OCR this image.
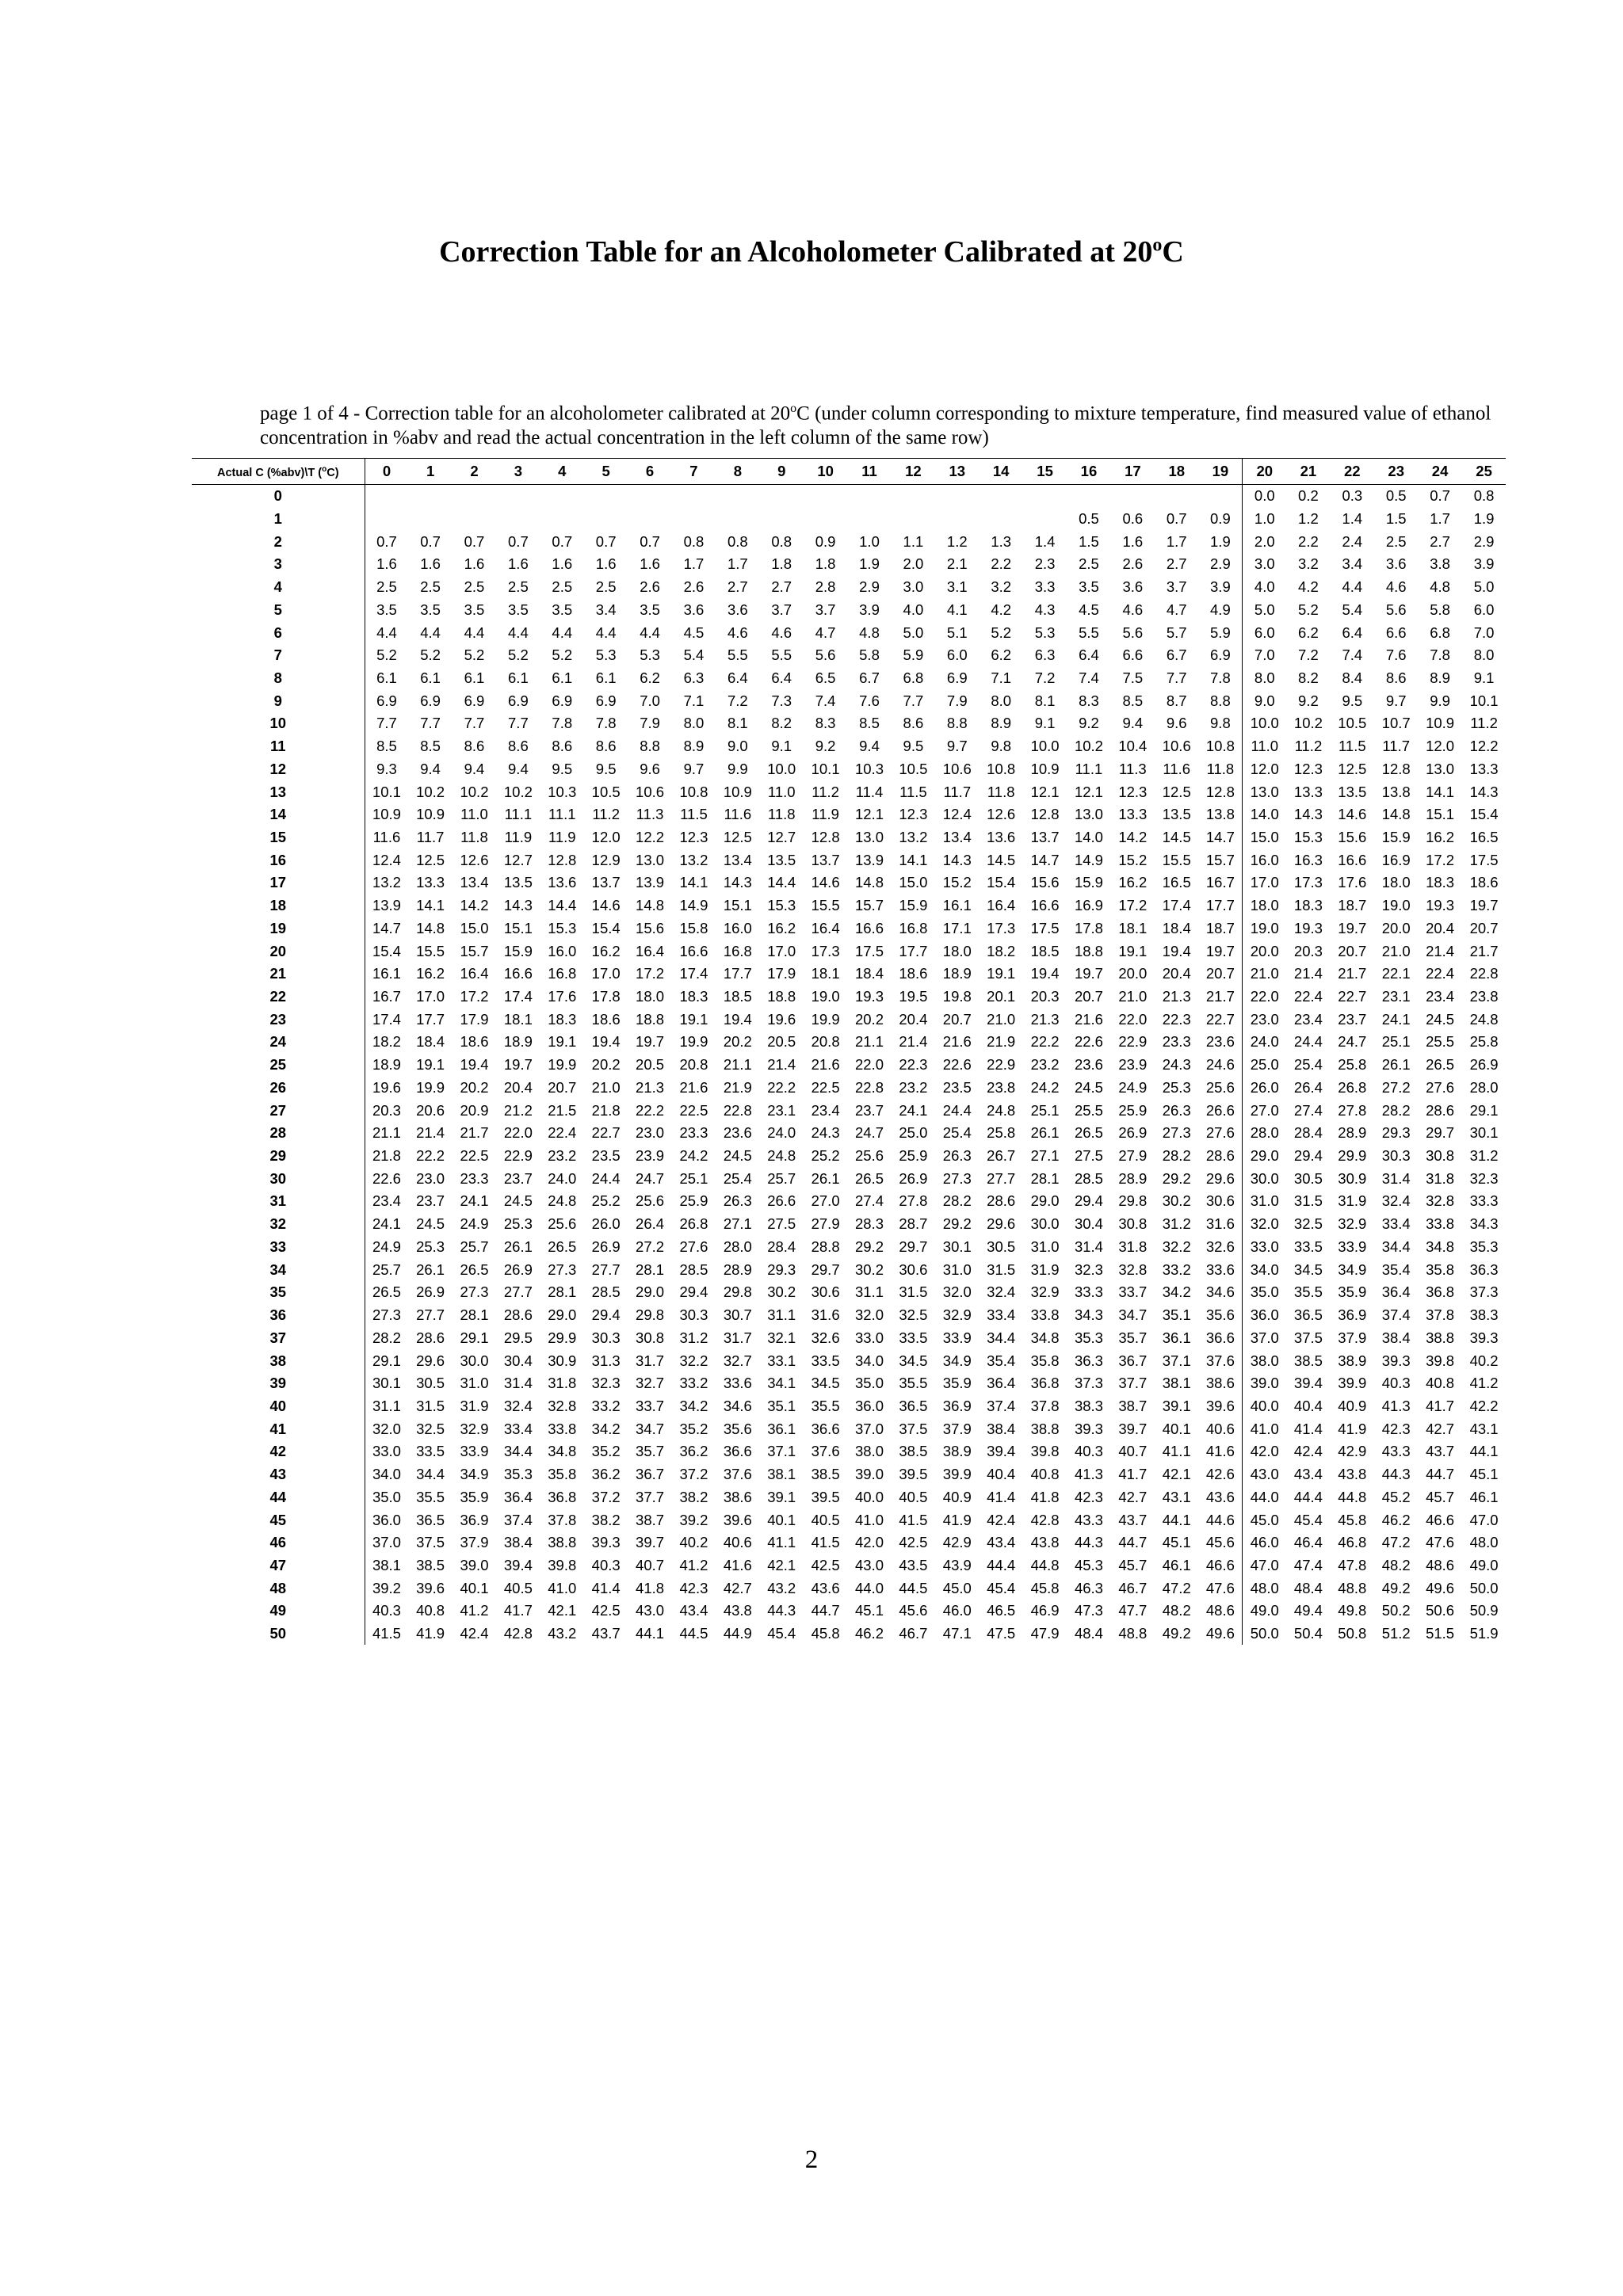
Correction Table for an Alcoholometer Calibrated at 20$^o$C

page 1 of 4 - Correction table for an alcoholometer calibrated at 20$^o$C (under column corresponding to mixture temperature, find measured value of ethanol concentration in %abv and read the actual concentration in the left column of the same row)

Actual C (%abv)\T ($^o$C)	0	1	2	3	4	5	6	7	8	9	10	11	12	13	14	15	16	17	18	19	20	21	22	23	24	25
0																					0.0	0.2	0.3	0.5	0.7	0.8
1																	0.5	0.6	0.7	0.9	1.0	1.2	1.4	1.5	1.7	1.9
2	0.7	0.7	0.7	0.7	0.7	0.7	0.7	0.8	0.8	0.8	0.9	1.0	1.1	1.2	1.3	1.4	1.5	1.6	1.7	1.9	2.0	2.2	2.4	2.5	2.7	2.9
3	1.6	1.6	1.6	1.6	1.6	1.6	1.6	1.7	1.7	1.8	1.8	1.9	2.0	2.1	2.2	2.3	2.5	2.6	2.7	2.9	3.0	3.2	3.4	3.6	3.8	3.9
4	2.5	2.5	2.5	2.5	2.5	2.5	2.6	2.6	2.7	2.7	2.8	2.9	3.0	3.1	3.2	3.3	3.5	3.6	3.7	3.9	4.0	4.2	4.4	4.6	4.8	5.0
5	3.5	3.5	3.5	3.5	3.5	3.4	3.5	3.6	3.6	3.7	3.7	3.9	4.0	4.1	4.2	4.3	4.5	4.6	4.7	4.9	5.0	5.2	5.4	5.6	5.8	6.0
6	4.4	4.4	4.4	4.4	4.4	4.4	4.4	4.5	4.6	4.6	4.7	4.8	5.0	5.1	5.2	5.3	5.5	5.6	5.7	5.9	6.0	6.2	6.4	6.6	6.8	7.0
7	5.2	5.2	5.2	5.2	5.2	5.3	5.3	5.4	5.5	5.5	5.6	5.8	5.9	6.0	6.2	6.3	6.4	6.6	6.7	6.9	7.0	7.2	7.4	7.6	7.8	8.0
8	6.1	6.1	6.1	6.1	6.1	6.1	6.2	6.3	6.4	6.4	6.5	6.7	6.8	6.9	7.1	7.2	7.4	7.5	7.7	7.8	8.0	8.2	8.4	8.6	8.9	9.1
9	6.9	6.9	6.9	6.9	6.9	6.9	7.0	7.1	7.2	7.3	7.4	7.6	7.7	7.9	8.0	8.1	8.3	8.5	8.7	8.8	9.0	9.2	9.5	9.7	9.9	10.1
10	7.7	7.7	7.7	7.7	7.8	7.8	7.9	8.0	8.1	8.2	8.3	8.5	8.6	8.8	8.9	9.1	9.2	9.4	9.6	9.8	10.0	10.2	10.5	10.7	10.9	11.2
11	8.5	8.5	8.6	8.6	8.6	8.6	8.8	8.9	9.0	9.1	9.2	9.4	9.5	9.7	9.8	10.0	10.2	10.4	10.6	10.8	11.0	11.2	11.5	11.7	12.0	12.2
12	9.3	9.4	9.4	9.4	9.5	9.5	9.6	9.7	9.9	10.0	10.1	10.3	10.5	10.6	10.8	10.9	11.1	11.3	11.6	11.8	12.0	12.3	12.5	12.8	13.0	13.3
13	10.1	10.2	10.2	10.2	10.3	10.5	10.6	10.8	10.9	11.0	11.2	11.4	11.5	11.7	11.8	12.1	12.1	12.3	12.5	12.8	13.0	13.3	13.5	13.8	14.1	14.3
14	10.9	10.9	11.0	11.1	11.1	11.2	11.3	11.5	11.6	11.8	11.9	12.1	12.3	12.4	12.6	12.8	13.0	13.3	13.5	13.8	14.0	14.3	14.6	14.8	15.1	15.4
15	11.6	11.7	11.8	11.9	11.9	12.0	12.2	12.3	12.5	12.7	12.8	13.0	13.2	13.4	13.6	13.7	14.0	14.2	14.5	14.7	15.0	15.3	15.6	15.9	16.2	16.5
16	12.4	12.5	12.6	12.7	12.8	12.9	13.0	13.2	13.4	13.5	13.7	13.9	14.1	14.3	14.5	14.7	14.9	15.2	15.5	15.7	16.0	16.3	16.6	16.9	17.2	17.5
17	13.2	13.3	13.4	13.5	13.6	13.7	13.9	14.1	14.3	14.4	14.6	14.8	15.0	15.2	15.4	15.6	15.9	16.2	16.5	16.7	17.0	17.3	17.6	18.0	18.3	18.6
18	13.9	14.1	14.2	14.3	14.4	14.6	14.8	14.9	15.1	15.3	15.5	15.7	15.9	16.1	16.4	16.6	16.9	17.2	17.4	17.7	18.0	18.3	18.7	19.0	19.3	19.7
19	14.7	14.8	15.0	15.1	15.3	15.4	15.6	15.8	16.0	16.2	16.4	16.6	16.8	17.1	17.3	17.5	17.8	18.1	18.4	18.7	19.0	19.3	19.7	20.0	20.4	20.7
20	15.4	15.5	15.7	15.9	16.0	16.2	16.4	16.6	16.8	17.0	17.3	17.5	17.7	18.0	18.2	18.5	18.8	19.1	19.4	19.7	20.0	20.3	20.7	21.0	21.4	21.7
21	16.1	16.2	16.4	16.6	16.8	17.0	17.2	17.4	17.7	17.9	18.1	18.4	18.6	18.9	19.1	19.4	19.7	20.0	20.4	20.7	21.0	21.4	21.7	22.1	22.4	22.8
22	16.7	17.0	17.2	17.4	17.6	17.8	18.0	18.3	18.5	18.8	19.0	19.3	19.5	19.8	20.1	20.3	20.7	21.0	21.3	21.7	22.0	22.4	22.7	23.1	23.4	23.8
23	17.4	17.7	17.9	18.1	18.3	18.6	18.8	19.1	19.4	19.6	19.9	20.2	20.4	20.7	21.0	21.3	21.6	22.0	22.3	22.7	23.0	23.4	23.7	24.1	24.5	24.8
24	18.2	18.4	18.6	18.9	19.1	19.4	19.7	19.9	20.2	20.5	20.8	21.1	21.4	21.6	21.9	22.2	22.6	22.9	23.3	23.6	24.0	24.4	24.7	25.1	25.5	25.8
25	18.9	19.1	19.4	19.7	19.9	20.2	20.5	20.8	21.1	21.4	21.6	22.0	22.3	22.6	22.9	23.2	23.6	23.9	24.3	24.6	25.0	25.4	25.8	26.1	26.5	26.9
26	19.6	19.9	20.2	20.4	20.7	21.0	21.3	21.6	21.9	22.2	22.5	22.8	23.2	23.5	23.8	24.2	24.5	24.9	25.3	25.6	26.0	26.4	26.8	27.2	27.6	28.0
27	20.3	20.6	20.9	21.2	21.5	21.8	22.2	22.5	22.8	23.1	23.4	23.7	24.1	24.4	24.8	25.1	25.5	25.9	26.3	26.6	27.0	27.4	27.8	28.2	28.6	29.1
28	21.1	21.4	21.7	22.0	22.4	22.7	23.0	23.3	23.6	24.0	24.3	24.7	25.0	25.4	25.8	26.1	26.5	26.9	27.3	27.6	28.0	28.4	28.9	29.3	29.7	30.1
29	21.8	22.2	22.5	22.9	23.2	23.5	23.9	24.2	24.5	24.8	25.2	25.6	25.9	26.3	26.7	27.1	27.5	27.9	28.2	28.6	29.0	29.4	29.9	30.3	30.8	31.2
30	22.6	23.0	23.3	23.7	24.0	24.4	24.7	25.1	25.4	25.7	26.1	26.5	26.9	27.3	27.7	28.1	28.5	28.9	29.2	29.6	30.0	30.5	30.9	31.4	31.8	32.3
31	23.4	23.7	24.1	24.5	24.8	25.2	25.6	25.9	26.3	26.6	27.0	27.4	27.8	28.2	28.6	29.0	29.4	29.8	30.2	30.6	31.0	31.5	31.9	32.4	32.8	33.3
32	24.1	24.5	24.9	25.3	25.6	26.0	26.4	26.8	27.1	27.5	27.9	28.3	28.7	29.2	29.6	30.0	30.4	30.8	31.2	31.6	32.0	32.5	32.9	33.4	33.8	34.3
33	24.9	25.3	25.7	26.1	26.5	26.9	27.2	27.6	28.0	28.4	28.8	29.2	29.7	30.1	30.5	31.0	31.4	31.8	32.2	32.6	33.0	33.5	33.9	34.4	34.8	35.3
34	25.7	26.1	26.5	26.9	27.3	27.7	28.1	28.5	28.9	29.3	29.7	30.2	30.6	31.0	31.5	31.9	32.3	32.8	33.2	33.6	34.0	34.5	34.9	35.4	35.8	36.3
35	26.5	26.9	27.3	27.7	28.1	28.5	29.0	29.4	29.8	30.2	30.6	31.1	31.5	32.0	32.4	32.9	33.3	33.7	34.2	34.6	35.0	35.5	35.9	36.4	36.8	37.3
36	27.3	27.7	28.1	28.6	29.0	29.4	29.8	30.3	30.7	31.1	31.6	32.0	32.5	32.9	33.4	33.8	34.3	34.7	35.1	35.6	36.0	36.5	36.9	37.4	37.8	38.3
37	28.2	28.6	29.1	29.5	29.9	30.3	30.8	31.2	31.7	32.1	32.6	33.0	33.5	33.9	34.4	34.8	35.3	35.7	36.1	36.6	37.0	37.5	37.9	38.4	38.8	39.3
38	29.1	29.6	30.0	30.4	30.9	31.3	31.7	32.2	32.7	33.1	33.5	34.0	34.5	34.9	35.4	35.8	36.3	36.7	37.1	37.6	38.0	38.5	38.9	39.3	39.8	40.2
39	30.1	30.5	31.0	31.4	31.8	32.3	32.7	33.2	33.6	34.1	34.5	35.0	35.5	35.9	36.4	36.8	37.3	37.7	38.1	38.6	39.0	39.4	39.9	40.3	40.8	41.2
40	31.1	31.5	31.9	32.4	32.8	33.2	33.7	34.2	34.6	35.1	35.5	36.0	36.5	36.9	37.4	37.8	38.3	38.7	39.1	39.6	40.0	40.4	40.9	41.3	41.7	42.2
41	32.0	32.5	32.9	33.4	33.8	34.2	34.7	35.2	35.6	36.1	36.6	37.0	37.5	37.9	38.4	38.8	39.3	39.7	40.1	40.6	41.0	41.4	41.9	42.3	42.7	43.1
42	33.0	33.5	33.9	34.4	34.8	35.2	35.7	36.2	36.6	37.1	37.6	38.0	38.5	38.9	39.4	39.8	40.3	40.7	41.1	41.6	42.0	42.4	42.9	43.3	43.7	44.1
43	34.0	34.4	34.9	35.3	35.8	36.2	36.7	37.2	37.6	38.1	38.5	39.0	39.5	39.9	40.4	40.8	41.3	41.7	42.1	42.6	43.0	43.4	43.8	44.3	44.7	45.1
44	35.0	35.5	35.9	36.4	36.8	37.2	37.7	38.2	38.6	39.1	39.5	40.0	40.5	40.9	41.4	41.8	42.3	42.7	43.1	43.6	44.0	44.4	44.8	45.2	45.7	46.1
45	36.0	36.5	36.9	37.4	37.8	38.2	38.7	39.2	39.6	40.1	40.5	41.0	41.5	41.9	42.4	42.8	43.3	43.7	44.1	44.6	45.0	45.4	45.8	46.2	46.6	47.0
46	37.0	37.5	37.9	38.4	38.8	39.3	39.7	40.2	40.6	41.1	41.5	42.0	42.5	42.9	43.4	43.8	44.3	44.7	45.1	45.6	46.0	46.4	46.8	47.2	47.6	48.0
47	38.1	38.5	39.0	39.4	39.8	40.3	40.7	41.2	41.6	42.1	42.5	43.0	43.5	43.9	44.4	44.8	45.3	45.7	46.1	46.6	47.0	47.4	47.8	48.2	48.6	49.0
48	39.2	39.6	40.1	40.5	41.0	41.4	41.8	42.3	42.7	43.2	43.6	44.0	44.5	45.0	45.4	45.8	46.3	46.7	47.2	47.6	48.0	48.4	48.8	49.2	49.6	50.0
49	40.3	40.8	41.2	41.7	42.1	42.5	43.0	43.4	43.8	44.3	44.7	45.1	45.6	46.0	46.5	46.9	47.3	47.7	48.2	48.6	49.0	49.4	49.8	50.2	50.6	50.9
50	41.5	41.9	42.4	42.8	43.2	43.7	44.1	44.5	44.9	45.4	45.8	46.2	46.7	47.1	47.5	47.9	48.4	48.8	49.2	49.6	50.0	50.4	50.8	51.2	51.5	51.9
2
